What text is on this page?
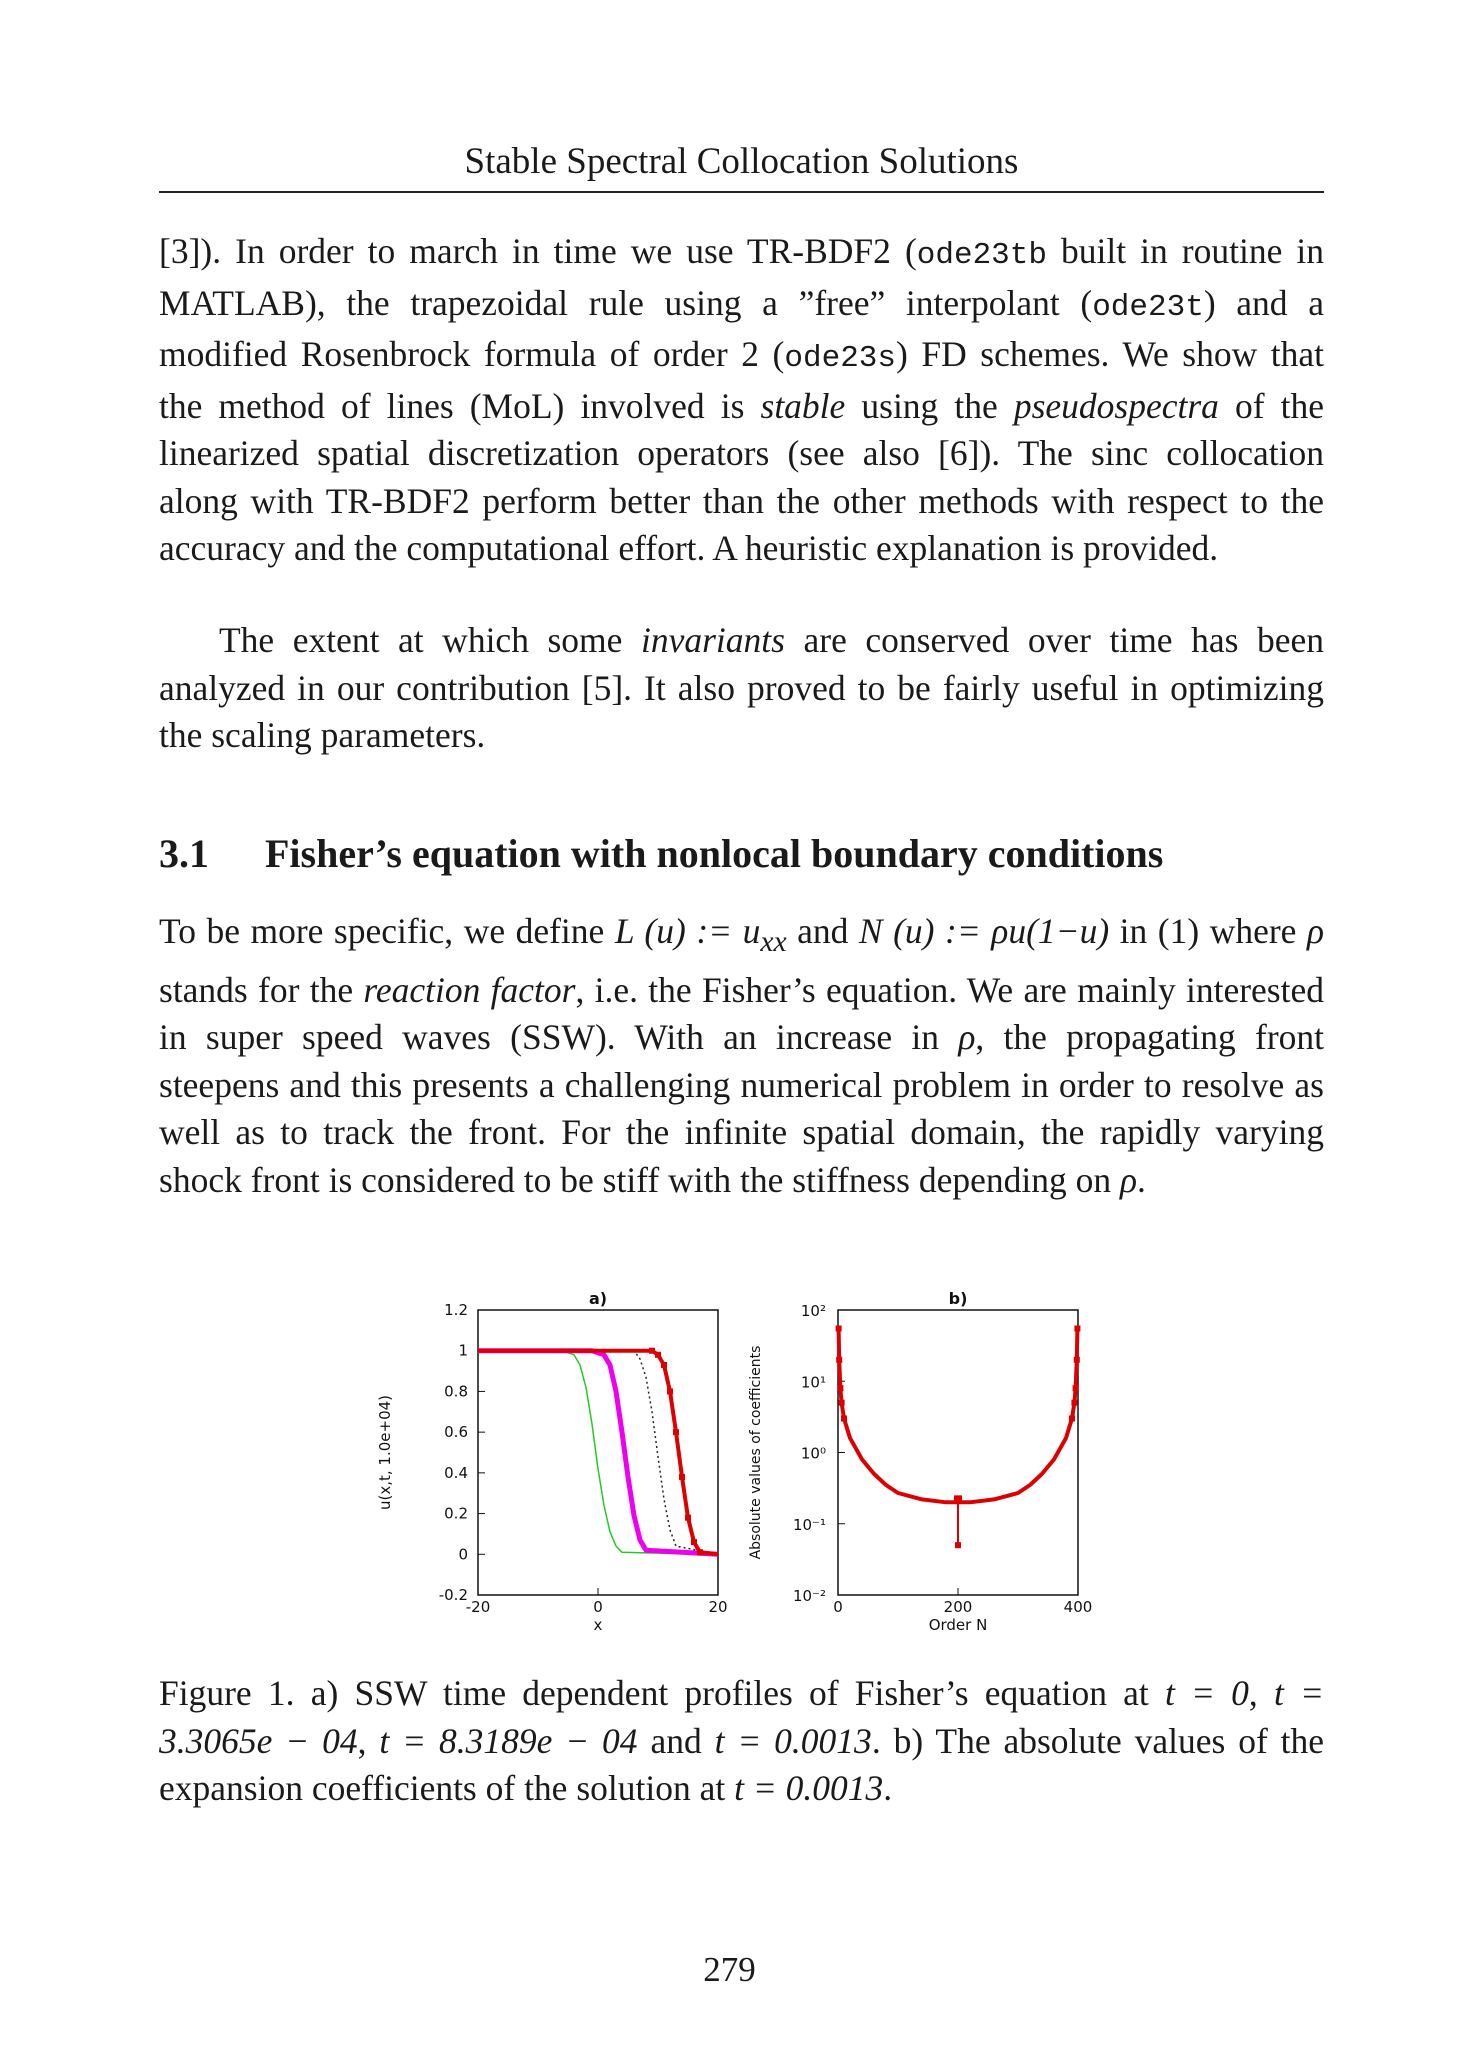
Stable Spectral Collocation Solutions

[3]). In order to march in time we use TR-BDF2 (ode23tb built in routine in MATLAB), the trapezoidal rule using a ”free” interpolant (ode23t) and a modified Rosenbrock formula of order 2 (ode23s) FD schemes. We show that the method of lines (MoL) involved is stable using the pseudospectra of the linearized spatial discretization operators (see also [6]). The sinc collocation along with TR-BDF2 perform better than the other methods with respect to the accuracy and the computational effort. A heuristic explanation is provided.

The extent at which some invariants are conserved over time has been analyzed in our contribution [5]. It also proved to be fairly useful in optimizing the scaling parameters.

3.1 Fisher’s equation with nonlocal boundary conditions

To be more specific, we define L (u) := $u_{xx}$ and N (u) := ρu(1−u) in (1) where ρ stands for the reaction factor, i.e. the Fisher’s equation. We are mainly interested in super speed waves (SSW). With an increase in ρ, the propagating front steepens and this presents a challenging numerical problem in order to resolve as well as to track the front. For the infinite spatial domain, the rapidly varying shock front is considered to be stiff with the stiffness depending on ρ.

a)
1.2
1
0.8
0.6
0.4
0.2
0
-0.2
-20	0	20
x
u(x,t, 1.0e+04)
b)
10²
10¹
10⁰
10⁻¹
10⁻²
0	200	400
Order N
Absolute values of coefficients

Figure 1. a) SSW time dependent profiles of Fisher’s equation at t = 0, t = 3.3065e − 04, t = 8.3189e − 04 and t = 0.0013. b) The absolute values of the expansion coefficients of the solution at t = 0.0013.

279
